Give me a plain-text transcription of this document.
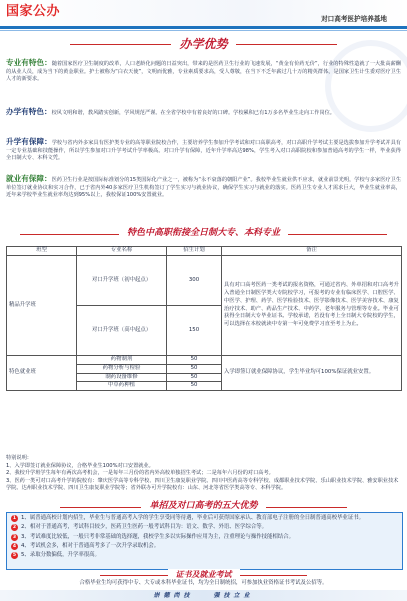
国家公办	对口高考医护培养基地
办学优势
专业有特色：随着国家医疗卫生制度的改革，人口老龄化问题的日益突出，带来的是医药卫生行业的飞速发展，“黄金有价药无价”，行业的特殊性造就了一大批高薪酬的从业人员，成为当下的黄金职业。护士被称为“白衣天使”，文明而优雅，专业素质要求高，受人尊敬，在当下不乏年薪过几十万的精英群体，是国家卫生计生委对医疗卫生人才的新要求。
办学有特色：校风文明和谐，教风踏实创新，学风规范严谨。在全省学校中有着良好的口碑。学校累积已有1万多名毕业生走向工作岗位。
升学有保障：学校与省内外多家具有医护类专业的高等职业院校合作，主要培养学生参加升学考试和对口高职高考，对口高职升学考试主要是选拔参加升学考试并具有一定专业基础和技能操作，所以学生参加对口升学考试升学率极高。对口升学有保障，近年升学率高达98%，学生考入对口高职院校和参加普通高考的学生一样，毕业获得全日制大专、本科文凭。
就业有保障：医药卫生行业是按国际标准划分的15类国际化产业之一，被称为“永不衰落的朝阳产业”。我校毕业生就业供不应求，就业前景光明，学校与多家医疗卫生单位签订就业协议和实习合作，已于省内外40多家医疗卫生机构签订了学生实习与就业协议，确保学生实习与就业的落实。医药卫生专业人才需求巨大，毕业生就业率高，近年来学校毕业生就业率均达到95%以上，我校保证100%安置就业。
特色中高职衔接全日制大专、本科专业
班型	专业名称	招生计划	备注
精品升学班	对口升学班（初中起点）	300	具有对口高考医药一类考试的报名资格，可通过省内、外单招和对口高考升入普通全日制医学类大专院校学习，可报考的专业有临床医学、口腔医学、中医学、护理、药学、医学检验技术、医学影像技术、医学美容技术、康复治疗技术、助产、药品生产技术、中药学、老年服务与管理等专业。毕业可获得全日制大专毕业证书。学校承诺，若没有考上全日制大专院校的学生，可以选择在本校就读中专第一年可免费学习直至考上为止。
	对口升学班（高中起点）	150	
特色就业班	药物制剂	50	入学即签订就业保障协议，学生毕业均可100%保证就业安置。
	药物分析与检验	50	
	制药设备维修	50	
	中草药种植	50	
特别说明：
1、入学即签订就业保障协议，合格毕业生100%对口安置就业。
2、我校升学班学生每年有两次高考机会，一是每年三月份的省内外高校单独招生考试；二是每年六月份的对口高考。
3、医药一类可对口高考升学的院校有：肇庆医学高等专科学校、四川卫生康复职业学院、四川中医药高等专科学校、成都职业技术学院、乐山职业技术学院、雅安职业技术学院、达州职业技术学院、四川卫生康复职业学院等；省外联办可升学院校有：山东、河北等省医学类高等专、本科学院。
单招及对口高考的五大优势
1 1、属普通高校计划内招生，毕业生与普通高考入学的学生享受同等待遇，毕业后可获得国家承认、教育部电子注册的全日制普通高校毕业证书。
2 2、相对于普通高考，考试科目较少，医药卫生医药一般考试科目为：语文、数学、外语、医学综合等。
3 3、考试难度比较低，一般只考非常基础的选择题，我校学生多以实际操作应用为主，注重理论与操作技能相结合。
4 4、考试机会多，相对于普通高考多了一次升学录取机会。
5 5、录取分数偏低，升学率很高。
证书及就业考试
合格毕业生均可获得中专、大专或本科毕业证书，均为全日制统招，可参加执业资格证书考试及公招等。
崇德尚技　　强技立业
